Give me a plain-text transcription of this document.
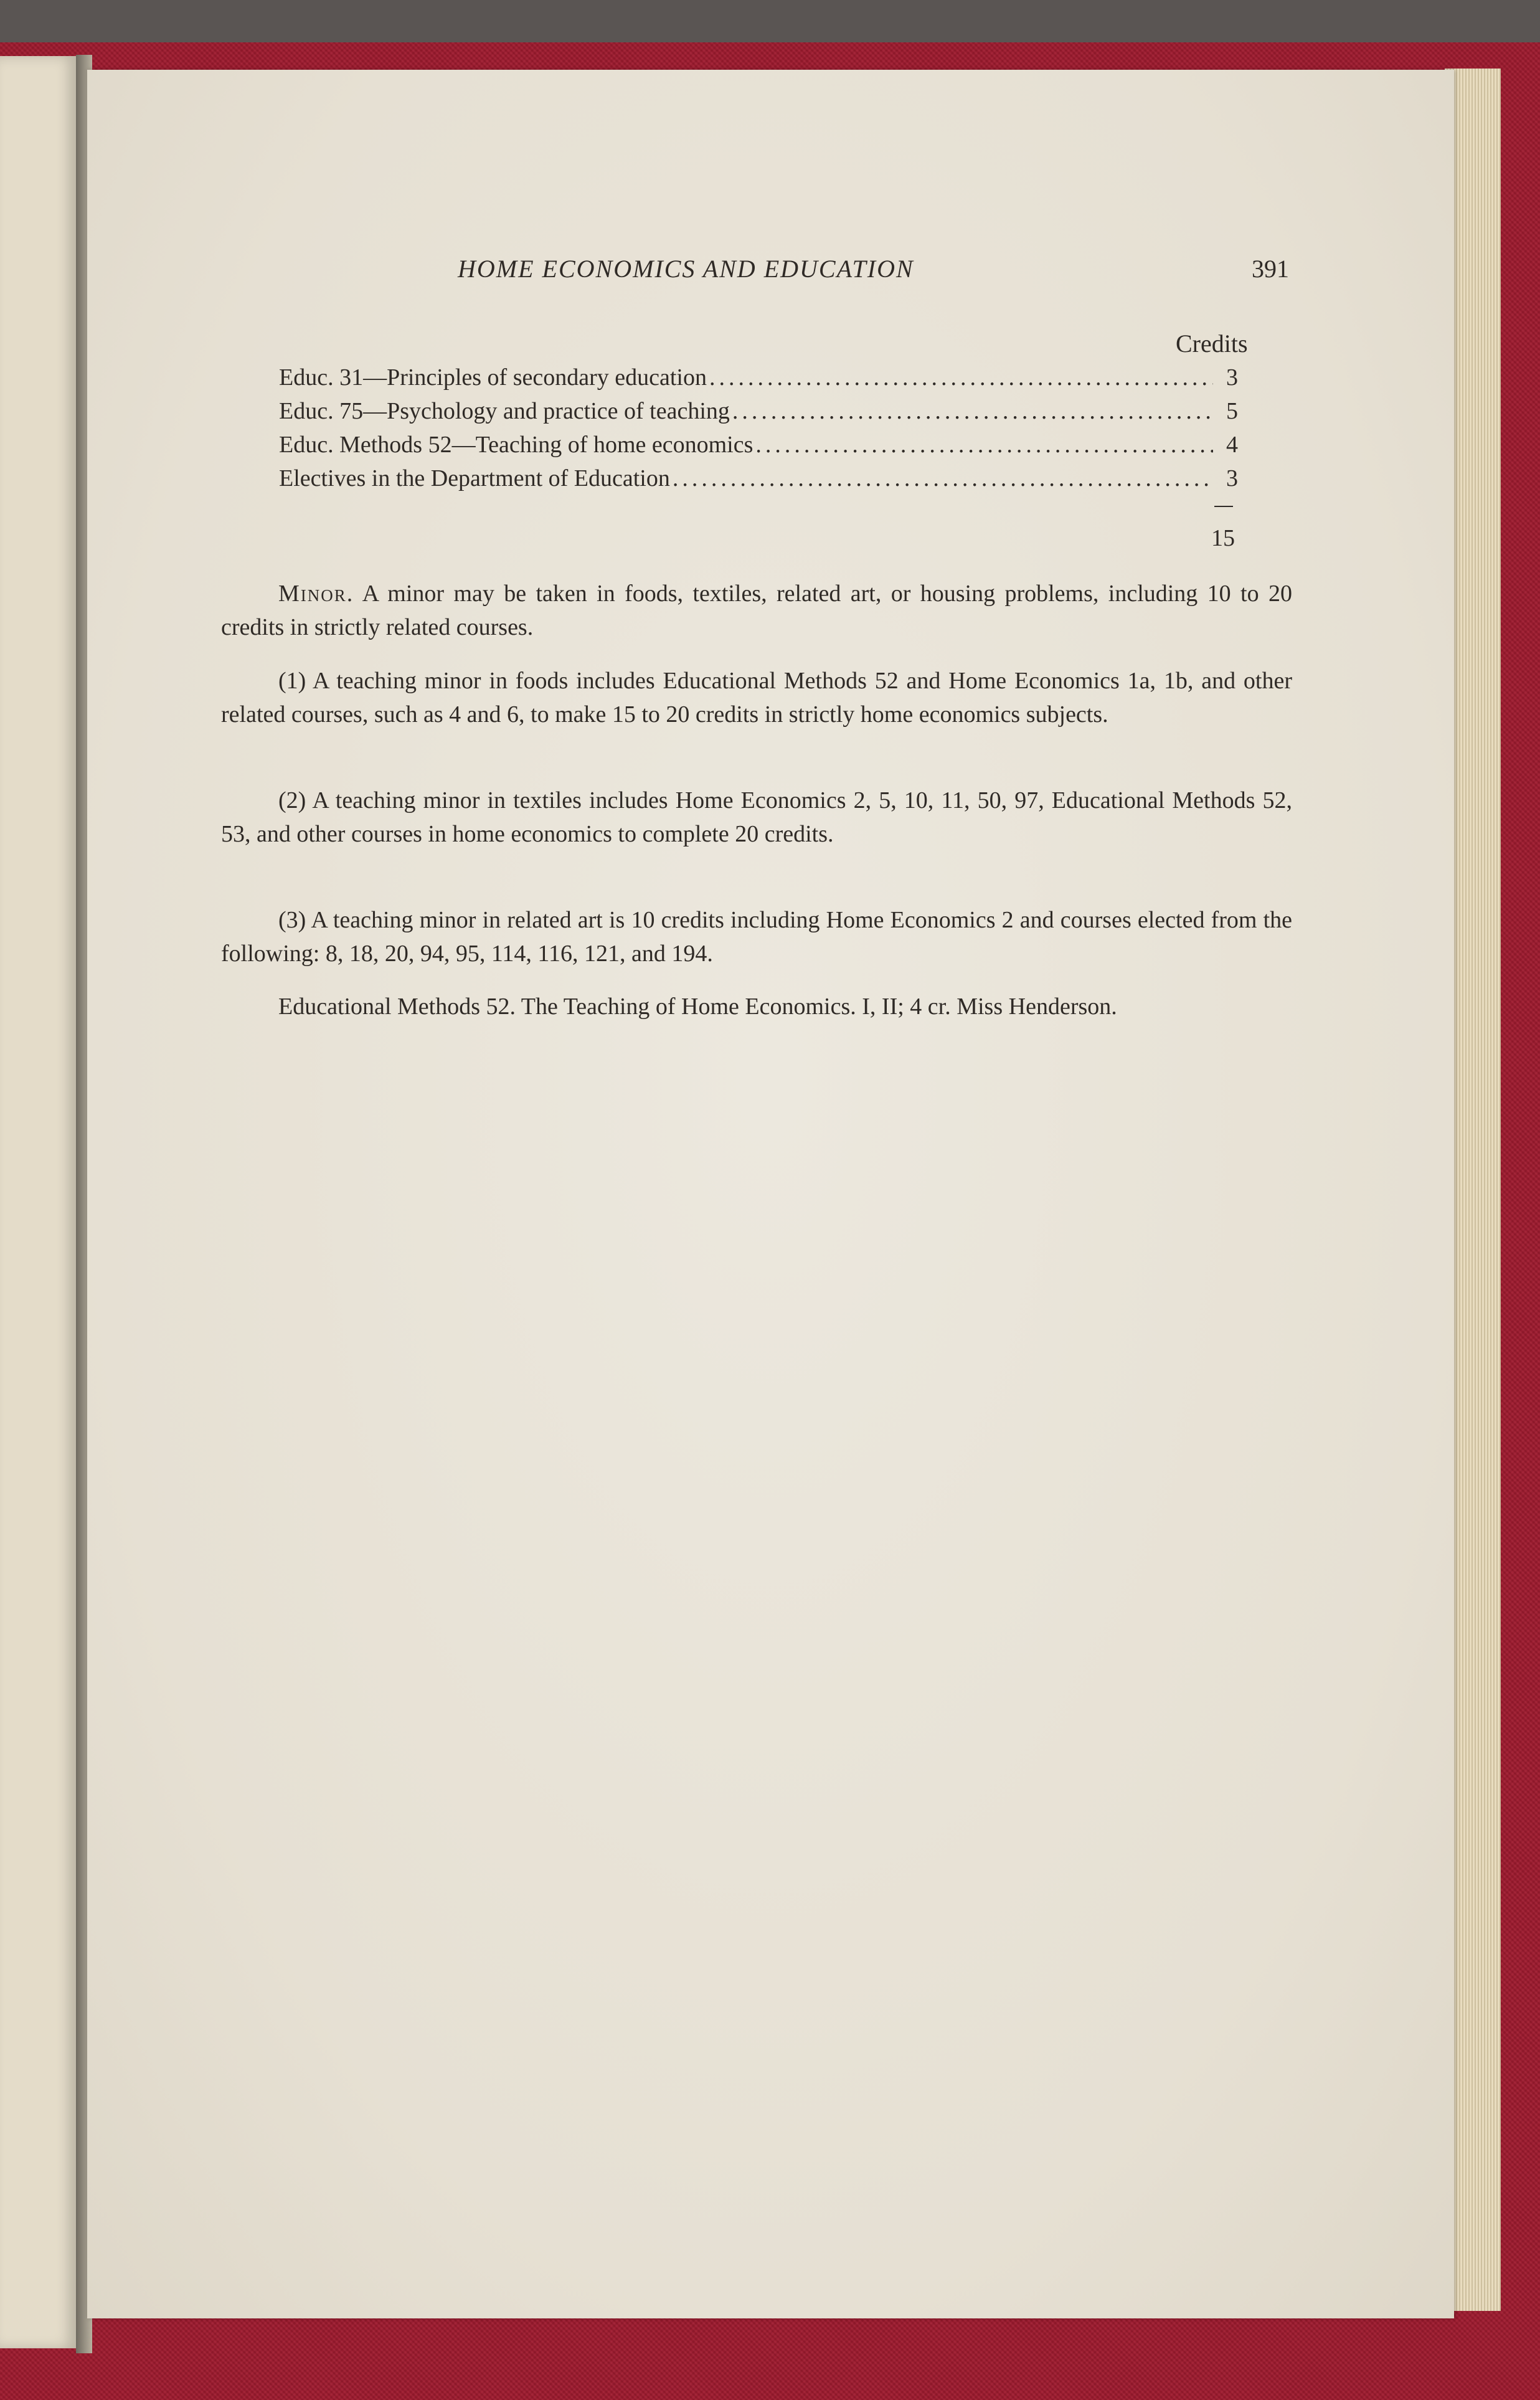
HOME ECONOMICS AND EDUCATION	391
Credits
Educ. 31—Principles of secondary education .....	3
Educ. 75—Psychology and practice of teaching .....	5
Educ. Methods 52—Teaching of home economics .....	4
Electives in the Department of Education .....	3
15
Minor. A minor may be taken in foods, textiles, related art, or housing problems, including 10 to 20 credits in strictly related courses.
(1) A teaching minor in foods includes Educational Methods 52 and Home Economics 1a, 1b, and other related courses, such as 4 and 6, to make 15 to 20 credits in strictly home economics subjects.
(2) A teaching minor in textiles includes Home Economics 2, 5, 10, 11, 50, 97, Educational Methods 52, 53, and other courses in home economics to complete 20 credits.
(3) A teaching minor in related art is 10 credits including Home Economics 2 and courses elected from the following: 8, 18, 20, 94, 95, 114, 116, 121, and 194.
Educational Methods 52. The Teaching of Home Economics. I, II; 4 cr. Miss Henderson.
